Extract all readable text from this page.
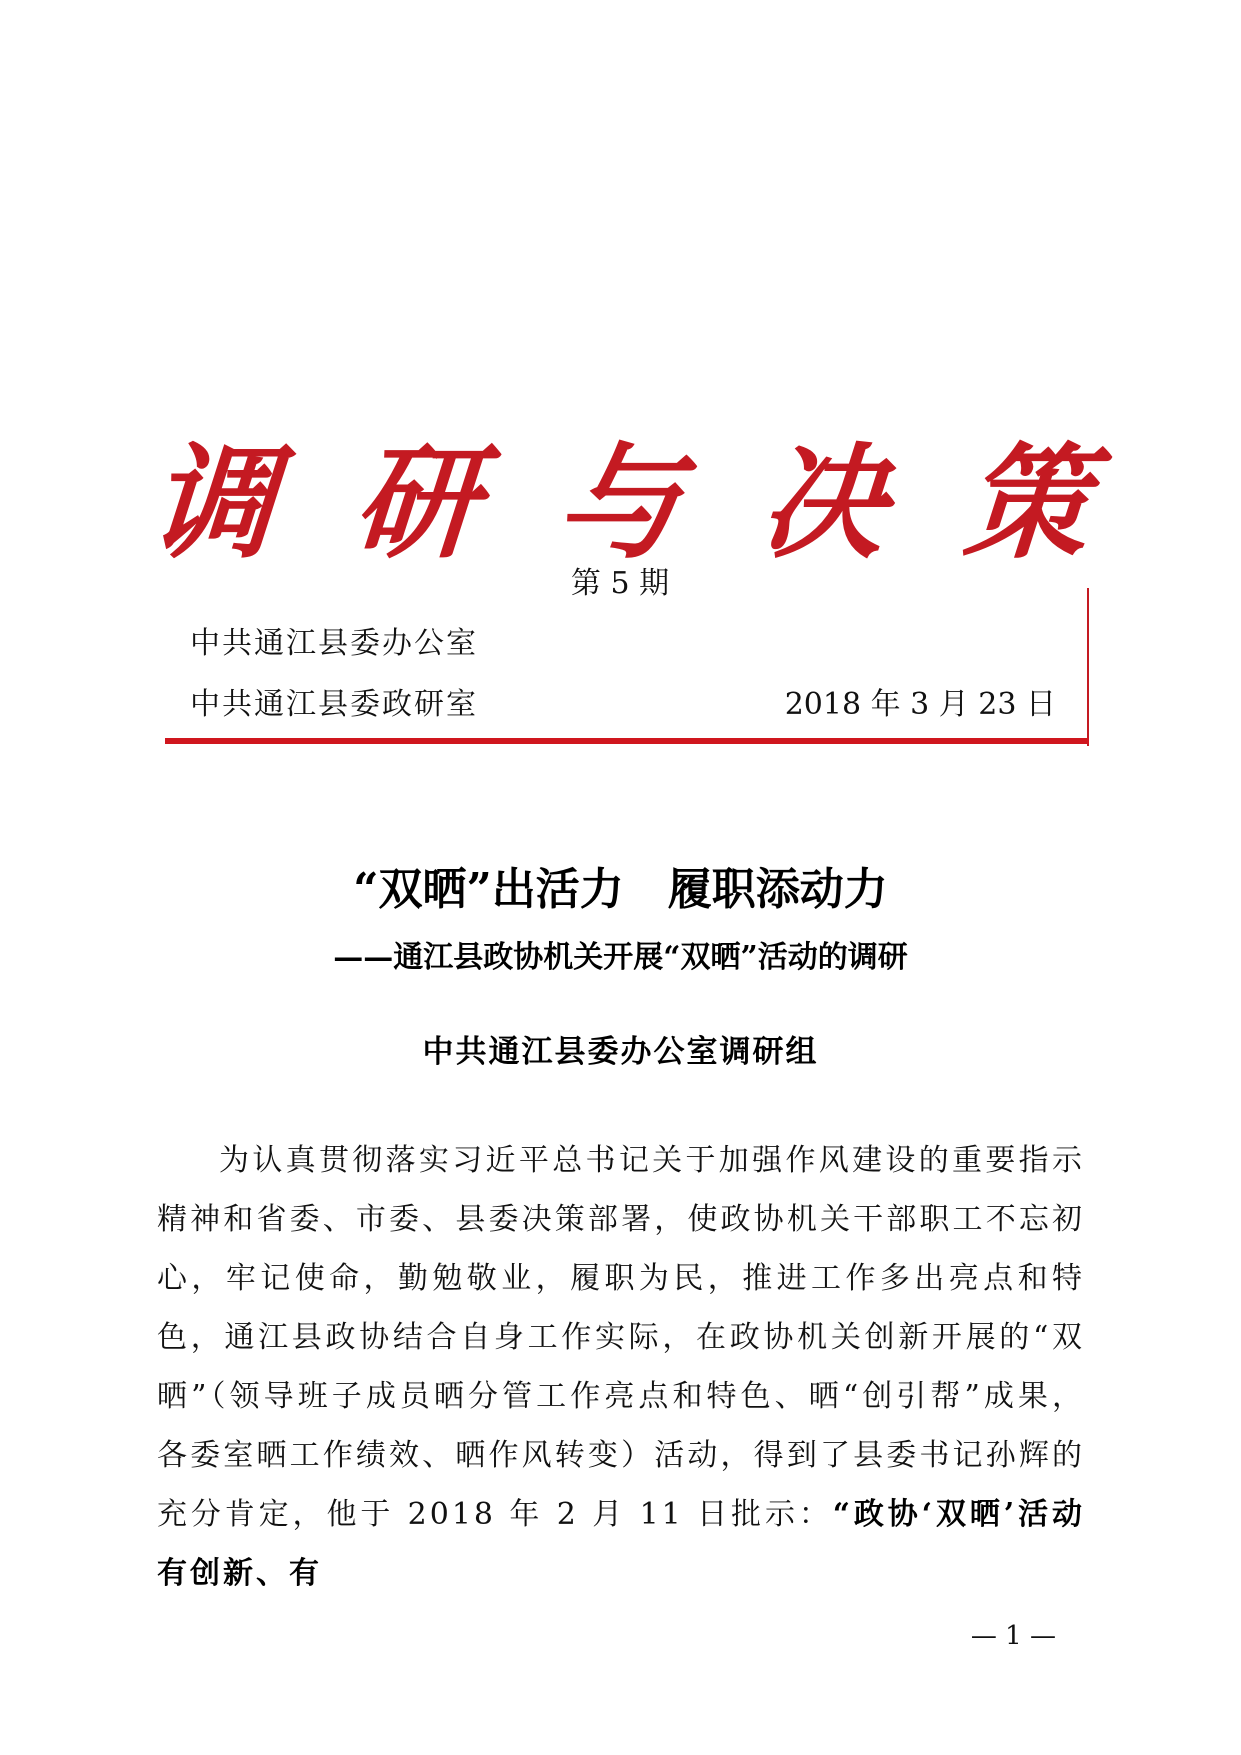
调 研 与 决 策
第 5 期
中共通江县委办公室
中共通江县委政研室	2018 年 3 月 23 日
“双晒”出活力　履职添动力
——通江县政协机关开展“双晒”活动的调研
中共通江县委办公室调研组

为认真贯彻落实习近平总书记关于加强作风建设的重要指示精神和省委、市委、县委决策部署，使政协机关干部职工不忘初心，牢记使命，勤勉敬业，履职为民，推进工作多出亮点和特色，通江县政协结合自身工作实际，在政协机关创新开展的“双晒”（领导班子成员晒分管工作亮点和特色、晒“创引帮”成果，各委室晒工作绩效、晒作风转变）活动，得到了县委书记孙辉的充分肯定，他于 2018 年 2 月 11 日批示：“政协‘双晒’活动有创新、有

— 1 —
